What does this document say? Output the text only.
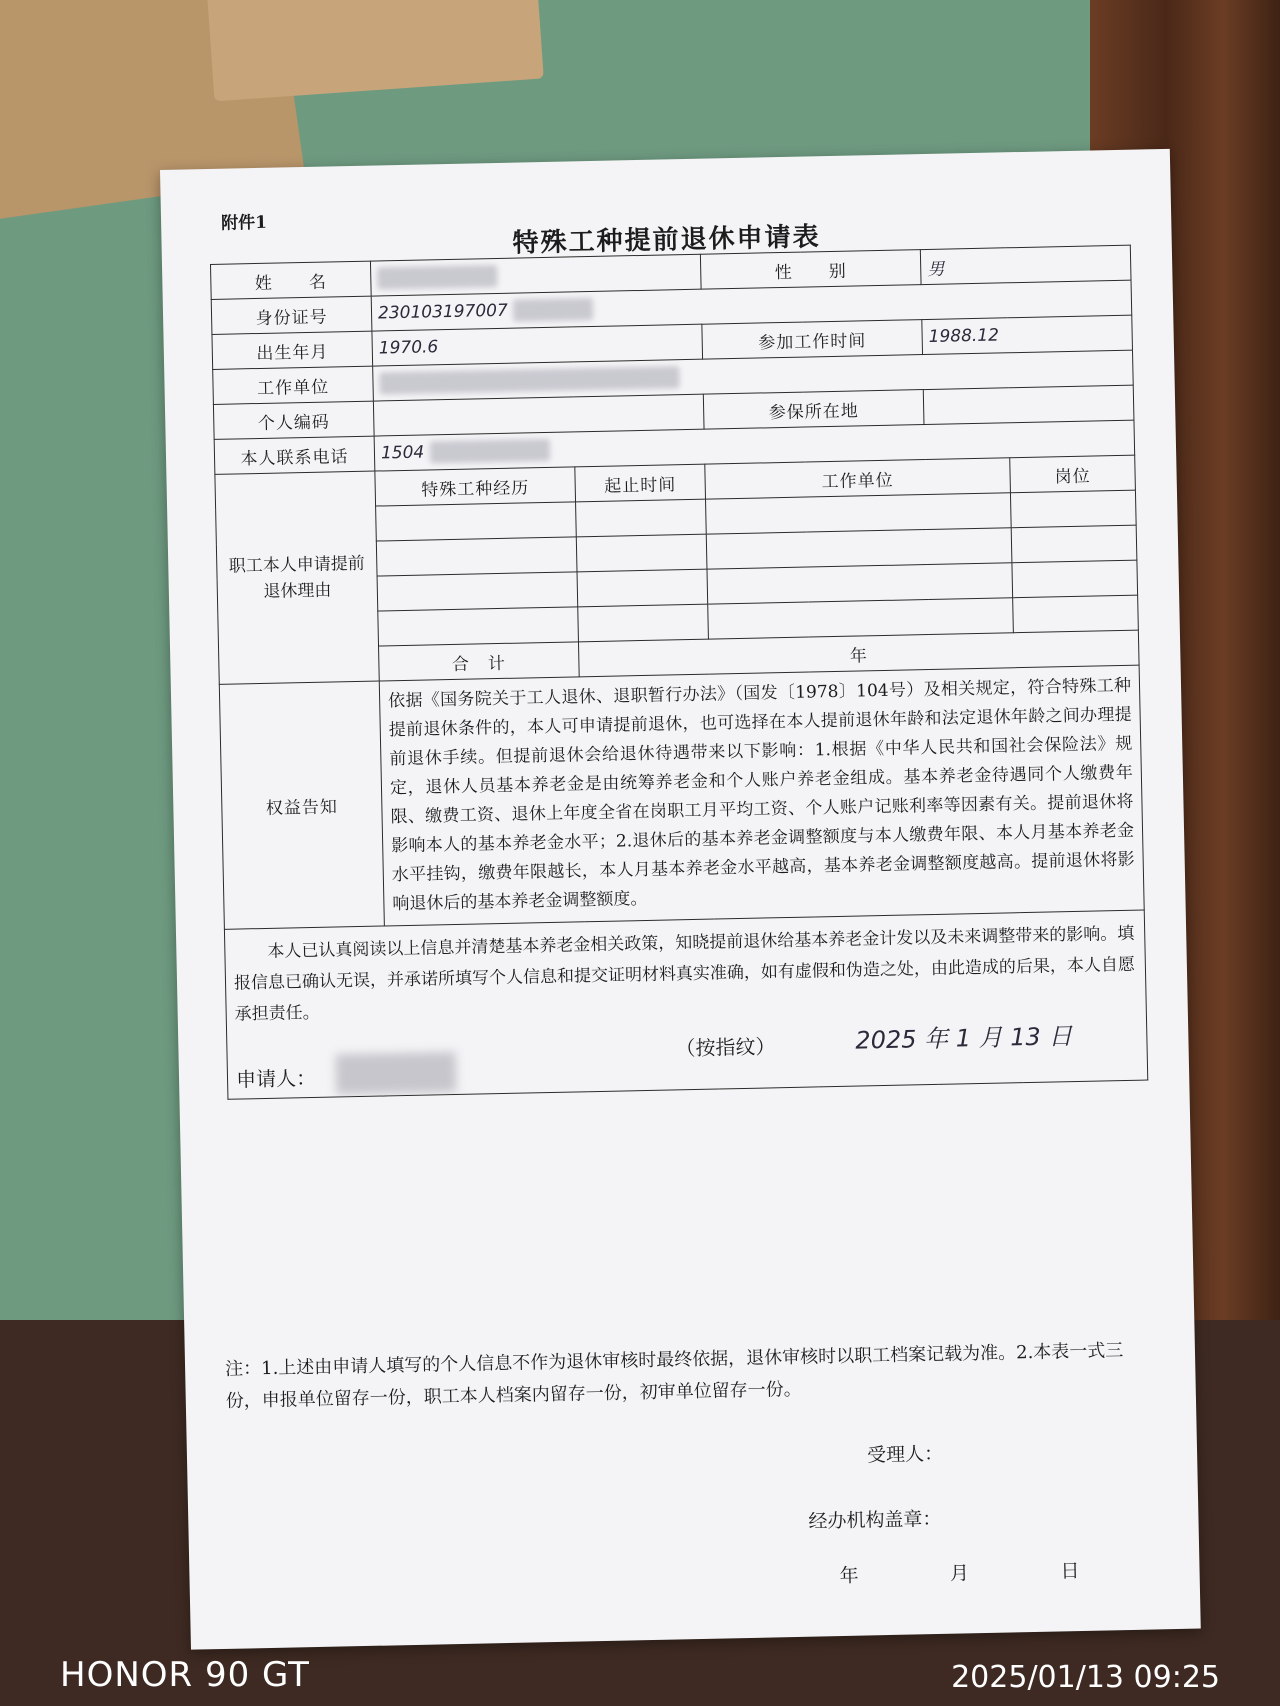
附件1	特殊工种提前退休申请表
姓　　名			性　　别	男	
身份证号	230103197007				
出生年月	1970.6		参加工作时间	1988.12	
工作单位					
个人编码			参保所在地		
本人联系电话	1504				
职工本人申请提前退休理由	特殊工种经历	起止时间	工作单位		岗位

	合　计	年			
权益告知	依据《国务院关于工人退休、退职暂行办法》（国发〔1978〕104号）及相关规定，符合特殊工种提前退休条件的，本人可申请提前退休，也可选择在本人提前退休年龄和法定退休年龄之间办理提前退休手续。但提前退休会给退休待遇带来以下影响：1.根据《中华人民共和国社会保险法》规定，退休人员基本养老金是由统筹养老金和个人账户养老金组成。基本养老金待遇同个人缴费年限、缴费工资、退休上年度全省在岗职工月平均工资、个人账户记账利率等因素有关。提前退休将影响本人的基本养老金水平；2.退休后的基本养老金调整额度与本人缴费年限、本人月基本养老金水平挂钩，缴费年限越长，本人月基本养老金水平越高，基本养老金调整额度越高。提前退休将影响退休后的基本养老金调整额度。				

本人已认真阅读以上信息并清楚基本养老金相关政策，知晓提前退休给基本养老金计发以及未来调整带来的影响。填报信息已确认无误，并承诺所填写个人信息和提交证明材料真实准确，如有虚假和伪造之处，由此造成的后果，本人自愿承担责任。
申请人：
（按指纹） 2025 年 1 月 13 日					
注：1.上述由申请人填写的个人信息不作为退休审核时最终依据，退休审核时以职工档案记载为准。2.本表一式三份，申报单位留存一份，职工本人档案内留存一份，初审单位留存一份。
受理人：
经办机构盖章：
年	月	日
HONOR 90 GT	2025/01/13 09:25
